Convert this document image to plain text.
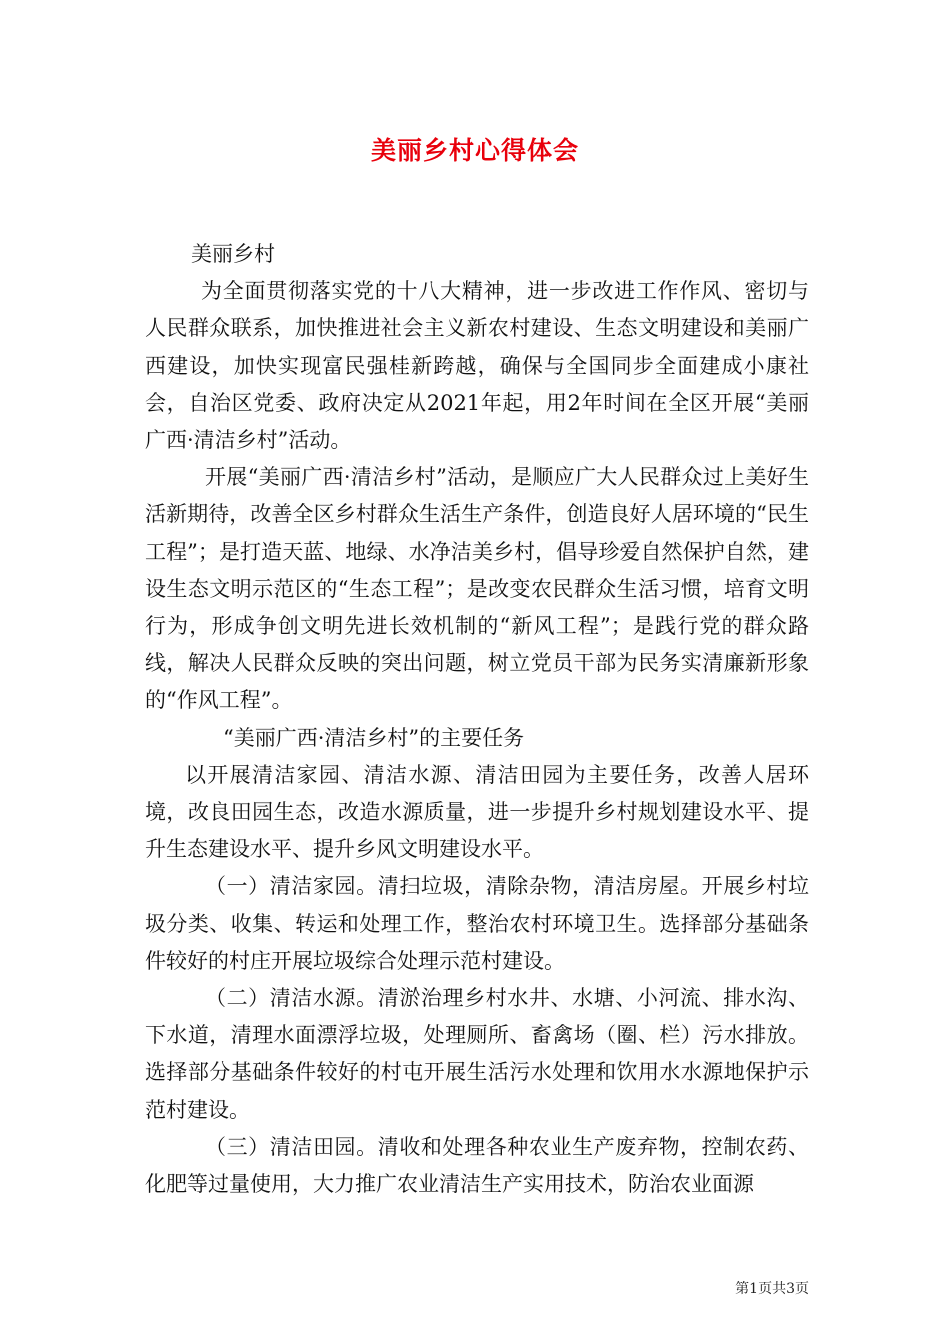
美丽乡村心得体会

美丽乡村

为全面贯彻落实党的十八大精神，进一步改进工作作风、密切与人民群众联系，加快推进社会主义新农村建设、生态文明建设和美丽广西建设，加快实现富民强桂新跨越，确保与全国同步全面建成小康社会，自治区党委、政府决定从2021年起，用2年时间在全区开展“美丽广西·清洁乡村”活动。

开展“美丽广西·清洁乡村”活动，是顺应广大人民群众过上美好生活新期待，改善全区乡村群众生活生产条件，创造良好人居环境的“民生工程”；是打造天蓝、地绿、水净洁美乡村，倡导珍爱自然保护自然，建设生态文明示范区的“生态工程”；是改变农民群众生活习惯，培育文明行为，形成争创文明先进长效机制的“新风工程”；是践行党的群众路线，解决人民群众反映的突出问题，树立党员干部为民务实清廉新形象的“作风工程”。

“美丽广西·清洁乡村”的主要任务

以开展清洁家园、清洁水源、清洁田园为主要任务，改善人居环境，改良田园生态，改造水源质量，进一步提升乡村规划建设水平、提升生态建设水平、提升乡风文明建设水平。

（一）清洁家园。清扫垃圾，清除杂物，清洁房屋。开展乡村垃圾分类、收集、转运和处理工作，整治农村环境卫生。选择部分基础条件较好的村庄开展垃圾综合处理示范村建设。

（二）清洁水源。清淤治理乡村水井、水塘、小河流、排水沟、下水道，清理水面漂浮垃圾，处理厕所、畜禽场（圈、栏）污水排放。选择部分基础条件较好的村屯开展生活污水处理和饮用水水源地保护示范村建设。

（三）清洁田园。清收和处理各种农业生产废弃物，控制农药、化肥等过量使用，大力推广农业清洁生产实用技术，防治农业面源

第1页共3页
